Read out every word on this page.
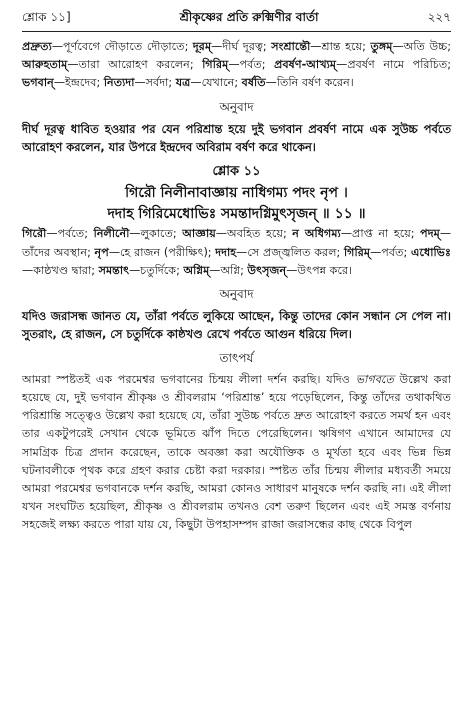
শ্লোক ১১]	শ্রীকৃষ্ণের প্রতি রুক্মিণীর বার্তা	২২৭

প্রদ্রুত্য—পূর্ণবেগে দৌড়াতে দৌড়াতে; দূরম্—দীর্ঘ দূরত্ব; সংশ্রান্তৌ—শ্রান্ত হয়ে; তুঙ্গম্—অতি উচ্চ; আরুহতাম্—তারা আরোহণ করলেন; গিরিম্—পর্বত; প্রবর্ষণ-আখ্যম্—প্রবর্ষণ নামে পরিচিত; ভগবান্—ইন্দ্রদেব; নিত্যদা—সর্বদা; যত্র—যেখানে; বর্ষতি—তিনি বর্ষণ করেন।

অনুবাদ

দীর্ঘ দূরত্ব ধাবিত হওয়ার পর যেন পরিশ্রান্ত হয়ে দুই ভগবান প্রবর্ষণ নামে এক সুউচ্চ পর্বতে আরোহণ করলেন, যার উপরে ইন্দ্রদেব অবিরাম বর্ষণ করে থাকেন।

শ্লোক ১১
গিরৌ নিলীনাবাজ্ঞায় নাধিগম্য পদং নৃপ ।
দদাহ গিরিমেধোভিঃ সমন্তাদগ্নিমুৎসৃজন্ ॥ ১১ ॥

গিরৌ—পর্বতে; নিলীনৌ—লুকাতে; আজ্ঞায়—অবহিত হয়ে; ন অধিগম্য—প্রাপ্ত না হয়ে; পদম্—তাঁদের অবস্থান; নৃপ—হে রাজন (পরীক্ষিৎ); দদাহ—সে প্রজ্জ্বলিত করল; গিরিম্—পর্বত; এধোভিঃ—কাষ্ঠখণ্ড দ্বারা; সমন্তাৎ—চতুর্দিকে; অগ্নিম্—অগ্নি; উৎসৃজন্—উৎপন্ন করে।

অনুবাদ

যদিও জরাসন্ধ জানত যে, তাঁরা পর্বতে লুকিয়ে আছেন, কিন্তু তাদের কোন সন্ধান সে পেল না। সুতরাং, হে রাজন, সে চতুর্দিকে কাষ্ঠখণ্ড রেখে পর্বতে আগুন ধরিয়ে দিল।

তাৎপর্য

আমরা স্পষ্টতই এক পরমেশ্বর ভগবানের চিন্ময় লীলা দর্শন করছি। যদিও ভাগবতে উল্লেখ করা হয়েছে যে, দুই ভগবান শ্রীকৃষ্ণ ও শ্রীবলরাম ‘পরিশ্রান্ত’ হয়ে পড়েছিলেন, কিন্তু তাঁদের তথাকথিত পরিশ্রান্তি সত্ত্বেও উল্লেখ করা হয়েছে যে, তাঁরা সুউচ্চ পর্বতে দ্রুত আরোহণ করতে সমর্থ হন এবং তার একটুপরেই সেখান থেকে ভূমিতে ঝাঁপ দিতে পেরেছিলেন। ঋষিগণ এখানে আমাদের যে সামগ্রিক চিত্র প্রদান করেছেন, তাকে অবজ্ঞা করা অযৌক্তিক ও মূর্খতা হবে এবং ভিন্ন ভিন্ন ঘটনাবলীকে পৃথক করে গ্রহণ করার চেষ্টা করা দরকার। স্পষ্টত তাঁর চিন্ময় লীলার মধ্যবর্তী সময়ে আমরা পরমেশ্বর ভগবানকে দর্শন করছি, আমরা কোনও সাধারণ মানুষকে দর্শন করছি না। এই লীলা যখন সংঘটিত হয়েছিল, শ্রীকৃষ্ণ ও শ্রীবলরাম তখনও বেশ তরুণ ছিলেন এবং এই সমস্ত বর্ণনায় সহজেই লক্ষ্য করতে পারা যায় যে, কিছুটা উপহাসম্পদ রাজা জরাসন্ধের কাছ থেকে বিপুল
